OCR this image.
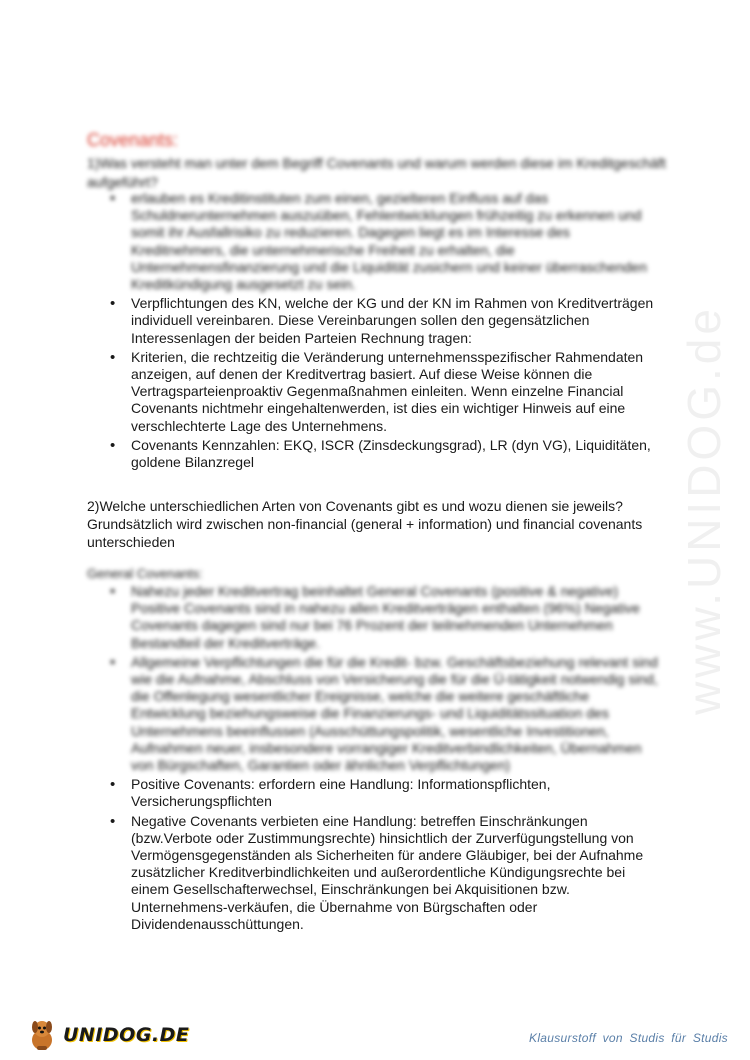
www.UNIDOG.de
Covenants:

1)Was versteht man unter dem Begriff Covenants und warum werden diese im Kreditgeschäft aufgeführt?

• erlauben es Kreditinstituten zum einen, gezielteren Einfluss auf das Schuldnerunternehmen auszuüben, Fehlentwicklungen frühzeitig zu erkennen und somit ihr Ausfallrisiko zu reduzieren. Dagegen liegt es im Interesse des Kreditnehmers, die unternehmerische Freiheit zu erhalten, die Unternehmensfinanzierung und die Liquidität zusichern und keiner überraschenden Kreditkündigung ausgesetzt zu sein.
• Verpflichtungen des KN, welche der KG und der KN im Rahmen von Kreditverträgen individuell vereinbaren. Diese Vereinbarungen sollen den gegensätzlichen Interessenlagen der beiden Parteien Rechnung tragen:
• Kriterien, die rechtzeitig die Veränderung unternehmensspezifischer Rahmendaten anzeigen, auf denen der Kreditvertrag basiert. Auf diese Weise können die Vertragsparteienproaktiv Gegenmaßnahmen einleiten. Wenn einzelne Financial Covenants nichtmehr eingehaltenwerden, ist dies ein wichtiger Hinweis auf eine verschlechterte Lage des Unternehmens.
• Covenants Kennzahlen: EKQ, ISCR (Zinsdeckungsgrad), LR (dyn VG), Liquiditäten, goldene Bilanzregel

2)Welche unterschiedlichen Arten von Covenants gibt es und wozu dienen sie jeweils?

Grundsätzlich wird zwischen non-financial (general + information) und financial covenants unterschieden

General Covenants:

• Nahezu jeder Kreditvertrag beinhaltet General Covenants (positive & negative) Positive Covenants sind in nahezu allen Kreditverträgen enthalten (96%) Negative Covenants dagegen sind nur bei 76 Prozent der teilnehmenden Unternehmen Bestandteil der Kreditverträge.
• Allgemeine Verpflichtungen die für die Kredit- bzw. Geschäftsbeziehung relevant sind wie die Aufnahme, Abschluss von Versicherung die für die Ü-tätigkeit notwendig sind, die Offenlegung wesentlicher Ereignisse, welche die weitere geschäftliche Entwicklung beziehungsweise die Finanzierungs- und Liquiditätssituation des Unternehmens beeinflussen (Ausschüttungspolitik, wesentliche Investitionen, Aufnahmen neuer, insbesondere vorrangiger Kreditverbindlichkeiten, Übernahmen von Bürgschaften, Garantien oder ähnlichen Verpflichtungen)
• Positive Covenants: erfordern eine Handlung: Informationspflichten, Versicherungspflichten
• Negative Covenants verbieten eine Handlung: betreffen Einschränkungen (bzw.Verbote oder Zustimmungsrechte) hinsichtlich der Zurverfügungstellung von Vermögensgegenständen als Sicherheiten für andere Gläubiger, bei der Aufnahme zusätzlicher Kreditverbindlichkeiten und außerordentliche Kündigungsrechte bei einem Gesellschafterwechsel, Einschränkungen bei Akquisitionen bzw. Unternehmens-verkäufen, die Übernahme von Bürgschaften oder Dividendenausschüttungen.
UNIDOG.DE	Klausurstoff von Studis für Studis
